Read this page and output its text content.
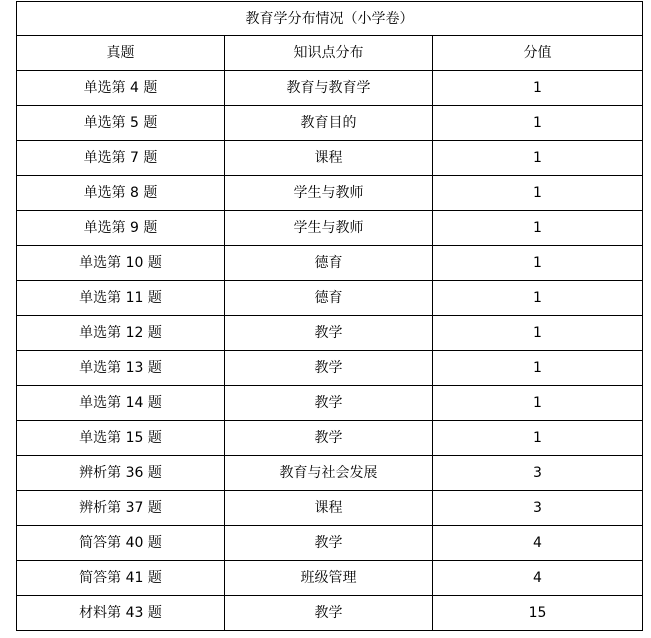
教育学分布情况（小学卷）		
真题	知识点分布	分值
单选第 4 题	教育与教育学	1
单选第 5 题	教育目的	1
单选第 7 题	课程	1
单选第 8 题	学生与教师	1
单选第 9 题	学生与教师	1
单选第 10 题	德育	1
单选第 11 题	德育	1
单选第 12 题	教学	1
单选第 13 题	教学	1
单选第 14 题	教学	1
单选第 15 题	教学	1
辨析第 36 题	教育与社会发展	3
辨析第 37 题	课程	3
简答第 40 题	教学	4
简答第 41 题	班级管理	4
材料第 43 题	教学	15
